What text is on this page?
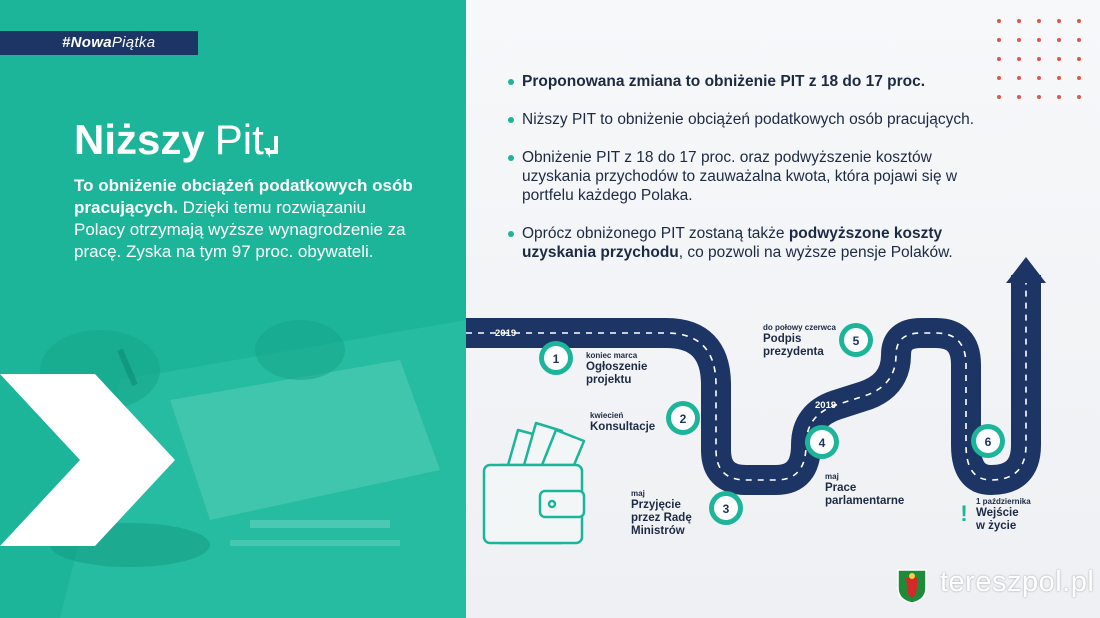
#NowaPiątka
Niższy Pit
To obniżenie obciążeń podatkowych osób pracujących. Dzięki temu rozwiązaniu Polacy otrzymają wyższe wynagrodzenie za pracę. Zyska na tym 97 proc. obywateli.
Proponowana zmiana to obniżenie PIT z 18 do 17 proc.
Niższy PIT to obniżenie obciążeń podatkowych osób pracujących.
Obniżenie PIT z 18 do 17 proc. oraz podwyższenie kosztów uzyskania przychodów to zauważalna kwota, która pojawi się w portfelu każdego Polaka.
Oprócz obniżonego PIT zostaną także podwyższone koszty uzyskania przychodu, co pozwoli na wyższe pensje Polaków.
1
2
3
4
5
6
!
2019
2019
koniec marca
Ogłoszenie projektu
kwiecień
Konsultacje
maj
Przyjęcie przez Radę Ministrów
maj
Prace parlamentarne
do połowy czerwca
Podpis prezydenta
1 października
Wejście w życie
tereszpol.pl
